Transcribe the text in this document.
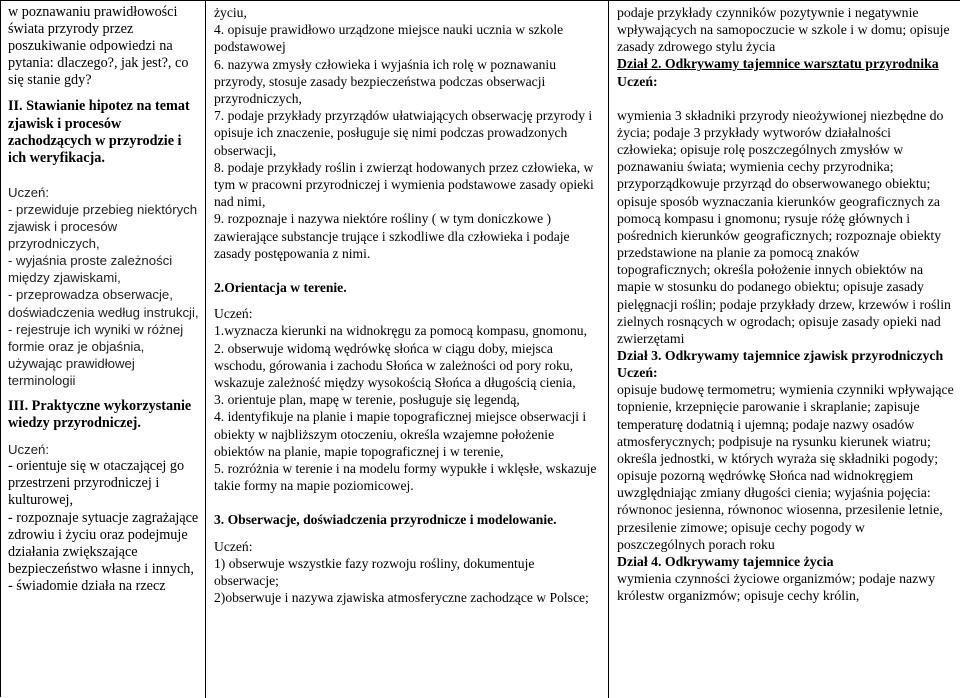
w poznawaniu prawidłowości świata przyrody przez poszukiwanie odpowiedzi na pytania: dlaczego?, jak jest?, co się stanie gdy?

II. Stawianie hipotez na temat zjawisk i procesów zachodzących w przyrodzie i ich weryfikacja.

Uczeń:

- przewiduje przebieg niektórych zjawisk i procesów przyrodniczych,

- wyjaśnia proste zależności między zjawiskami,

- przeprowadza obserwacje, doświadczenia według instrukcji,

- rejestruje ich wyniki w różnej formie oraz je objaśnia, używając prawidłowej terminologii

III. Praktyczne wykorzystanie wiedzy przyrodniczej.

Uczeń:

- orientuje się w otaczającej go przestrzeni przyrodniczej i kulturowej,

- rozpoznaje sytuacje zagrażające zdrowiu i życiu oraz podejmuje działania zwiększające bezpieczeństwo własne i innych,

- świadomie działa na rzecz

życiu,

4. opisuje prawidłowo urządzone miejsce nauki ucznia w szkole podstawowej

6. nazywa zmysły człowieka i wyjaśnia ich rolę w poznawaniu przyrody, stosuje zasady bezpieczeństwa podczas obserwacji przyrodniczych,

7. podaje przykłady przyrządów ułatwiających obserwację przyrody i opisuje ich znaczenie, posługuje się nimi podczas prowadzonych obserwacji,

8. podaje przykłady roślin i zwierząt hodowanych przez człowieka, w tym w pracowni przyrodniczej i wymienia podstawowe zasady opieki nad nimi,

9. rozpoznaje i nazywa niektóre rośliny ( w tym doniczkowe ) zawierające substancje trujące i szkodliwe dla człowieka i podaje zasady postępowania z nimi.

2.Orientacja w terenie.

Uczeń:

1.wyznacza kierunki na widnokręgu za pomocą kompasu, gnomonu,

2. obserwuje widomą wędrówkę słońca w ciągu doby, miejsca wschodu, górowania i zachodu Słońca w zależności od pory roku, wskazuje zależność między wysokością Słońca a długością cienia,

3. orientuje plan, mapę w terenie, posługuje się legendą,

4. identyfikuje na planie i mapie topograficznej miejsce obserwacji i obiekty w najbliższym otoczeniu, określa wzajemne położenie obiektów na planie, mapie topograficznej i w terenie,

5. rozróżnia w terenie i na modelu formy wypukłe i wklęsłe, wskazuje takie formy na mapie poziomicowej.

3. Obserwacje, doświadczenia przyrodnicze i modelowanie.

Uczeń:

1) obserwuje wszystkie fazy rozwoju rośliny, dokumentuje obserwacje;

2)obserwuje i nazywa zjawiska atmosferyczne zachodzące w Polsce;

podaje przykłady czynników pozytywnie i negatywnie wpływających na samopoczucie w szkole i w domu; opisuje zasady zdrowego stylu życia

Dział 2. Odkrywamy tajemnice warsztatu przyrodnika

Uczeń:

wymienia 3 składniki przyrody nieożywionej niezbędne do życia; podaje 3 przykłady wytworów działalności człowieka; opisuje rolę poszczególnych zmysłów w poznawaniu świata; wymienia cechy przyrodnika; przyporządkowuje przyrząd do obserwowanego obiektu; opisuje sposób wyznaczania kierunków geograficznych za pomocą kompasu i gnomonu; rysuje różę głównych i pośrednich kierunków geograficznych; rozpoznaje obiekty przedstawione na planie za pomocą znaków topograficznych; określa położenie innych obiektów na mapie w stosunku do podanego obiektu; opisuje zasady pielęgnacji roślin; podaje przykłady drzew, krzewów i roślin zielnych rosnących w ogrodach; opisuje zasady opieki nad zwierzętami

Dział 3. Odkrywamy tajemnice zjawisk przyrodniczych

Uczeń:

opisuje budowę termometru; wymienia czynniki wpływające topnienie, krzepnięcie parowanie i skraplanie; zapisuje temperaturę dodatnią i ujemną; podaje nazwy osadów atmosferycznych; podpisuje na rysunku kierunek wiatru; określa jednostki, w których wyraża się składniki pogody; opisuje pozorną wędrówkę Słońca nad widnokręgiem uwzględniając zmiany długości cienia; wyjaśnia pojęcia: równonoc jesienna, równonoc wiosenna, przesilenie letnie, przesilenie zimowe; opisuje cechy pogody w poszczególnych porach roku

Dział 4. Odkrywamy tajemnice życia

wymienia czynności życiowe organizmów; podaje nazwy królestw organizmów; opisuje cechy królin,
